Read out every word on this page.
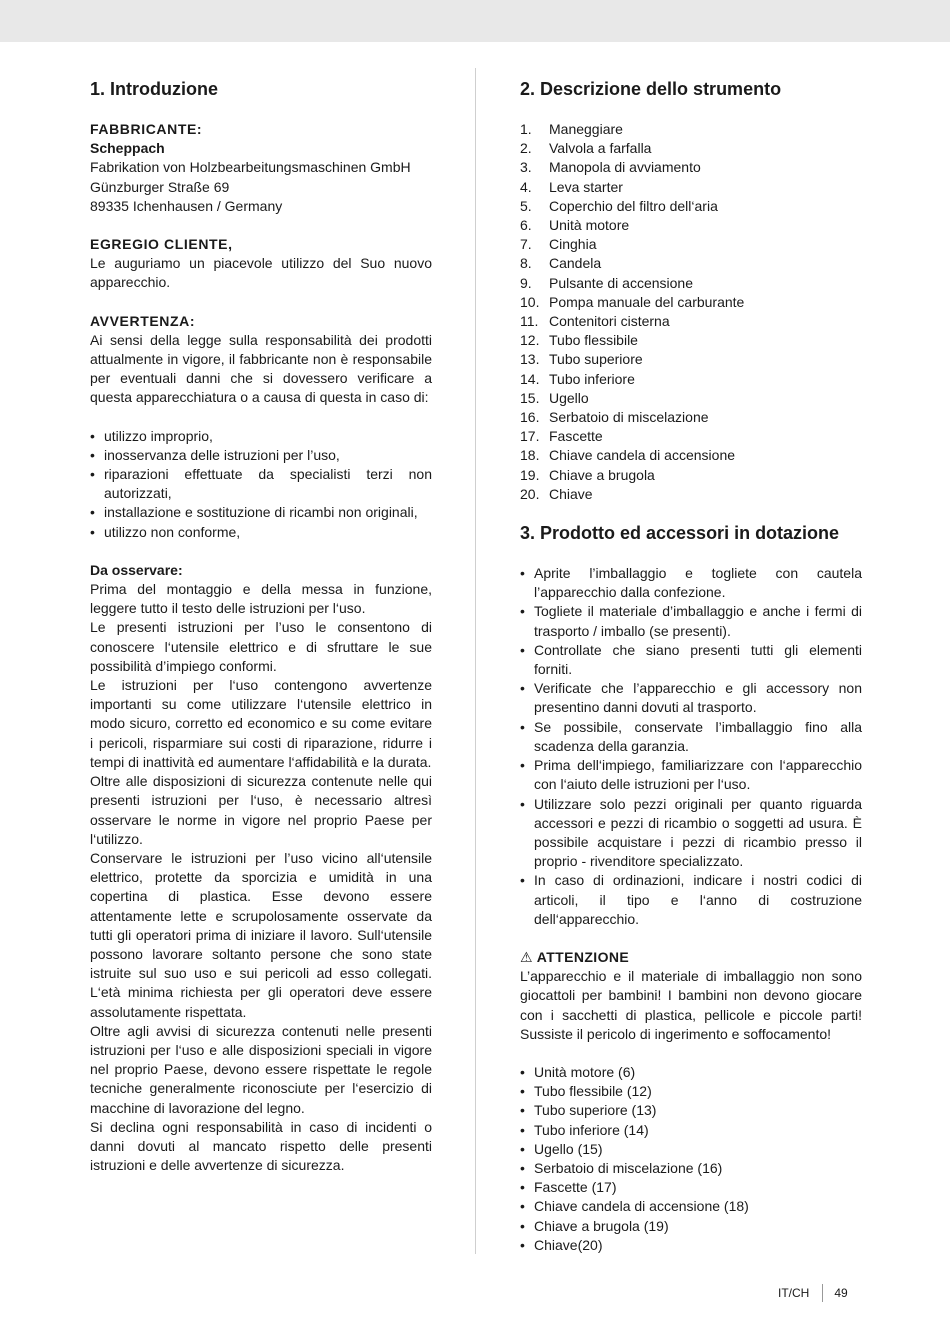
1. Introduzione
FABBRICANTE:
Scheppach
Fabrikation von Holzbearbeitungsmaschinen GmbH
Günzburger Straße 69
89335 Ichenhausen / Germany
EGREGIO CLIENTE,

Le auguriamo un piacevole utilizzo del Suo nuovo apparecchio.

AVVERTENZA:

Ai sensi della legge sulla responsabilità dei prodotti attualmente in vigore, il fabbricante non è responsabile per eventuali danni che si dovessero verificare a questa apparecchiatura o a causa di questa in caso di:

• utilizzo improprio,
• inosservanza delle istruzioni per l’uso,
• riparazioni effettuate da specialisti terzi non autorizzati,
• installazione e sostituzione di ricambi non originali,
• utilizzo non conforme,
Da osservare:

Prima del montaggio e della messa in funzione, leggere tutto il testo delle istruzioni per l‘uso.

Le presenti istruzioni per l’uso le consentono di conoscere l‘utensile elettrico e di sfruttare le sue possibilità d’impiego conformi.

Le istruzioni per l‘uso contengono avvertenze importanti su come utilizzare l‘utensile elettrico in modo sicuro, corretto ed economico e su come evitare i pericoli, risparmiare sui costi di riparazione, ridurre i tempi di inattività ed aumentare l‘affidabilità e la durata.

Oltre alle disposizioni di sicurezza contenute nelle qui presenti istruzioni per l‘uso, è necessario altresì osservare le norme in vigore nel proprio Paese per l‘utilizzo.

Conservare le istruzioni per l’uso vicino all‘utensile elettrico, protette da sporcizia e umidità in una copertina di plastica. Esse devono essere attentamente lette e scrupolosamente osservate da tutti gli operatori prima di iniziare il lavoro. Sull‘utensile possono lavorare soltanto persone che sono state istruite sul suo uso e sui pericoli ad esso collegati. L‘età minima richiesta per gli operatori deve essere assolutamente rispettata.

Oltre agli avvisi di sicurezza contenuti nelle presenti istruzioni per l‘uso e alle disposizioni speciali in vigore nel proprio Paese, devono essere rispettate le regole tecniche generalmente riconosciute per l‘esercizio di macchine di lavorazione del legno.

Si declina ogni responsabilità in caso di incidenti o danni dovuti al mancato rispetto delle presenti istruzioni e delle avvertenze di sicurezza.

2. Descrizione dello strumento
1.	Maneggiare
2.	Valvola a farfalla
3.	Manopola di avviamento
4.	Leva starter
5.	Coperchio del filtro dell‘aria
6.	Unità motore
7.	Cinghia
8.	Candela
9.	Pulsante di accensione
10. Pompa manuale del carburante
11. Contenitori cisterna
12. Tubo flessibile
13. Tubo superiore
14. Tubo inferiore
15. Ugello
16. Serbatoio di miscelazione
17. Fascette
18. Chiave candela di accensione
19. Chiave a brugola
20. Chiave
3. Prodotto ed accessori in dotazione
• Aprite l’imballaggio e togliete con cautela l’apparecchio dalla confezione.
• Togliete il materiale d’imballaggio e anche i fermi di trasporto / imballo (se presenti).
• Controllate che siano presenti tutti gli elementi forniti.
• Verificate che l’apparecchio e gli accessory non presentino danni dovuti al trasporto.
• Se possibile, conservate l’imballaggio fino alla scadenza della garanzia.
• Prima dell‘impiego, familiarizzare con l‘apparecchio con l‘aiuto delle istruzioni per l‘uso.
• Utilizzare solo pezzi originali per quanto riguarda accessori e pezzi di ricambio o soggetti ad usura. È possibile acquistare i pezzi di ricambio presso il proprio - rivenditore specializzato.
• In caso di ordinazioni, indicare i nostri codici di articoli, il tipo e l‘anno di costruzione dell‘apparecchio.
⚠ ATTENZIONE

L’apparecchio e il materiale di imballaggio non sono giocattoli per bambini! I bambini non devono giocare con i sacchetti di plastica, pellicole e piccole parti! Sussiste il pericolo di ingerimento e soffocamento!

• Unità motore (6)
• Tubo flessibile (12)
• Tubo superiore (13)
• Tubo inferiore (14)
• Ugello (15)
• Serbatoio di miscelazione (16)
• Fascette (17)
• Chiave candela di accensione (18)
• Chiave a brugola (19)
• Chiave(20)
IT/CH 49
